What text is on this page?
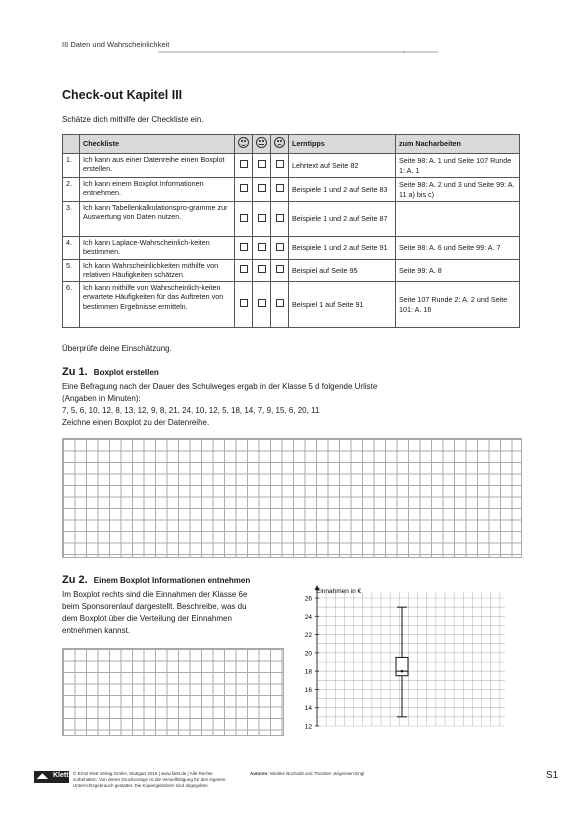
III Daten und Wahrscheinlichkeit
Check-out Kapitel III
Schätze dich mithilfe der Checkliste ein.
	Checkliste				Lerntipps	zum Nacharbeiten
1.	Ich kann aus einer Datenreihe einen Boxplot erstellen.				Lehrtext auf Seite 82	Seite 98: A. 1 und Seite 107 Runde 1: A. 1
2.	Ich kann einem Boxplot Informationen entnehmen.				Beispiele 1 und 2 auf Seite 83	Seite 98: A. 2 und 3 und Seite 99: A. 11 a) bis c)
3.	Ich kann Tabellenkalkulationspro-gramme zur Auswertung von Daten nutzen.				Beispiele 1 und 2 auf Seite 87	
4.	Ich kann Laplace-Wahrscheinlich-keiten bestimmen.				Beispiele 1 und 2 auf Seite 91	Seite 98: A. 6 und Seite 99: A. 7
5.	Ich kann Wahrscheinlichkeiten mithilfe von relativen Häufigkeiten schätzen.				Beispiel auf Seite 95	Seite 99: A. 8
6.	Ich kann mithilfe von Wahrscheinlich-keiten erwartete Häufigkeiten für das Auftreten von bestimmen Ergebnisse ermitteln.				Beispiel 1 auf Seite 91	Seite 107 Runde 2: A. 2 und Seite 101: A. 16
Überprüfe deine Einschätzung.
Zu 1. Boxplot erstellen
Eine Befragung nach der Dauer des Schulweges ergab in der Klasse 5 d folgende Urliste
(Angaben in Minuten):
7, 5, 6, 10, 12, 8, 13, 12, 9, 8, 21, 24, 10, 12, 5, 18, 14, 7, 9, 15, 6, 20, 11
Zeichne einen Boxplot zu der Datenreihe.
Zu 2. Einem Boxplot Informationen entnehmen
Im Boxplot rechts sind die Einnahmen der Klasse 6e
beim Sponsorenlauf dargestellt. Beschreibe, was du
dem Boxplot über die Verteilung der Einnahmen
entnehmen kannst.
12
14
16
18
20
22
24
26
Einnahmen in €
◢◣ Klett © Ernst Klett Verlag GmbH, Stuttgart 2015 | www.klett.de | Alle Rechte
vorbehalten. Von dieser Druckvorlage ist die Vervielfältigung für den eigenen
Unterrichtsgebrauch gestattet. Die Kopiergebühren sind abgegolten.
Autoren: Wiebke Bocholdt und Thorsten Jürgensen-Engl	S1
